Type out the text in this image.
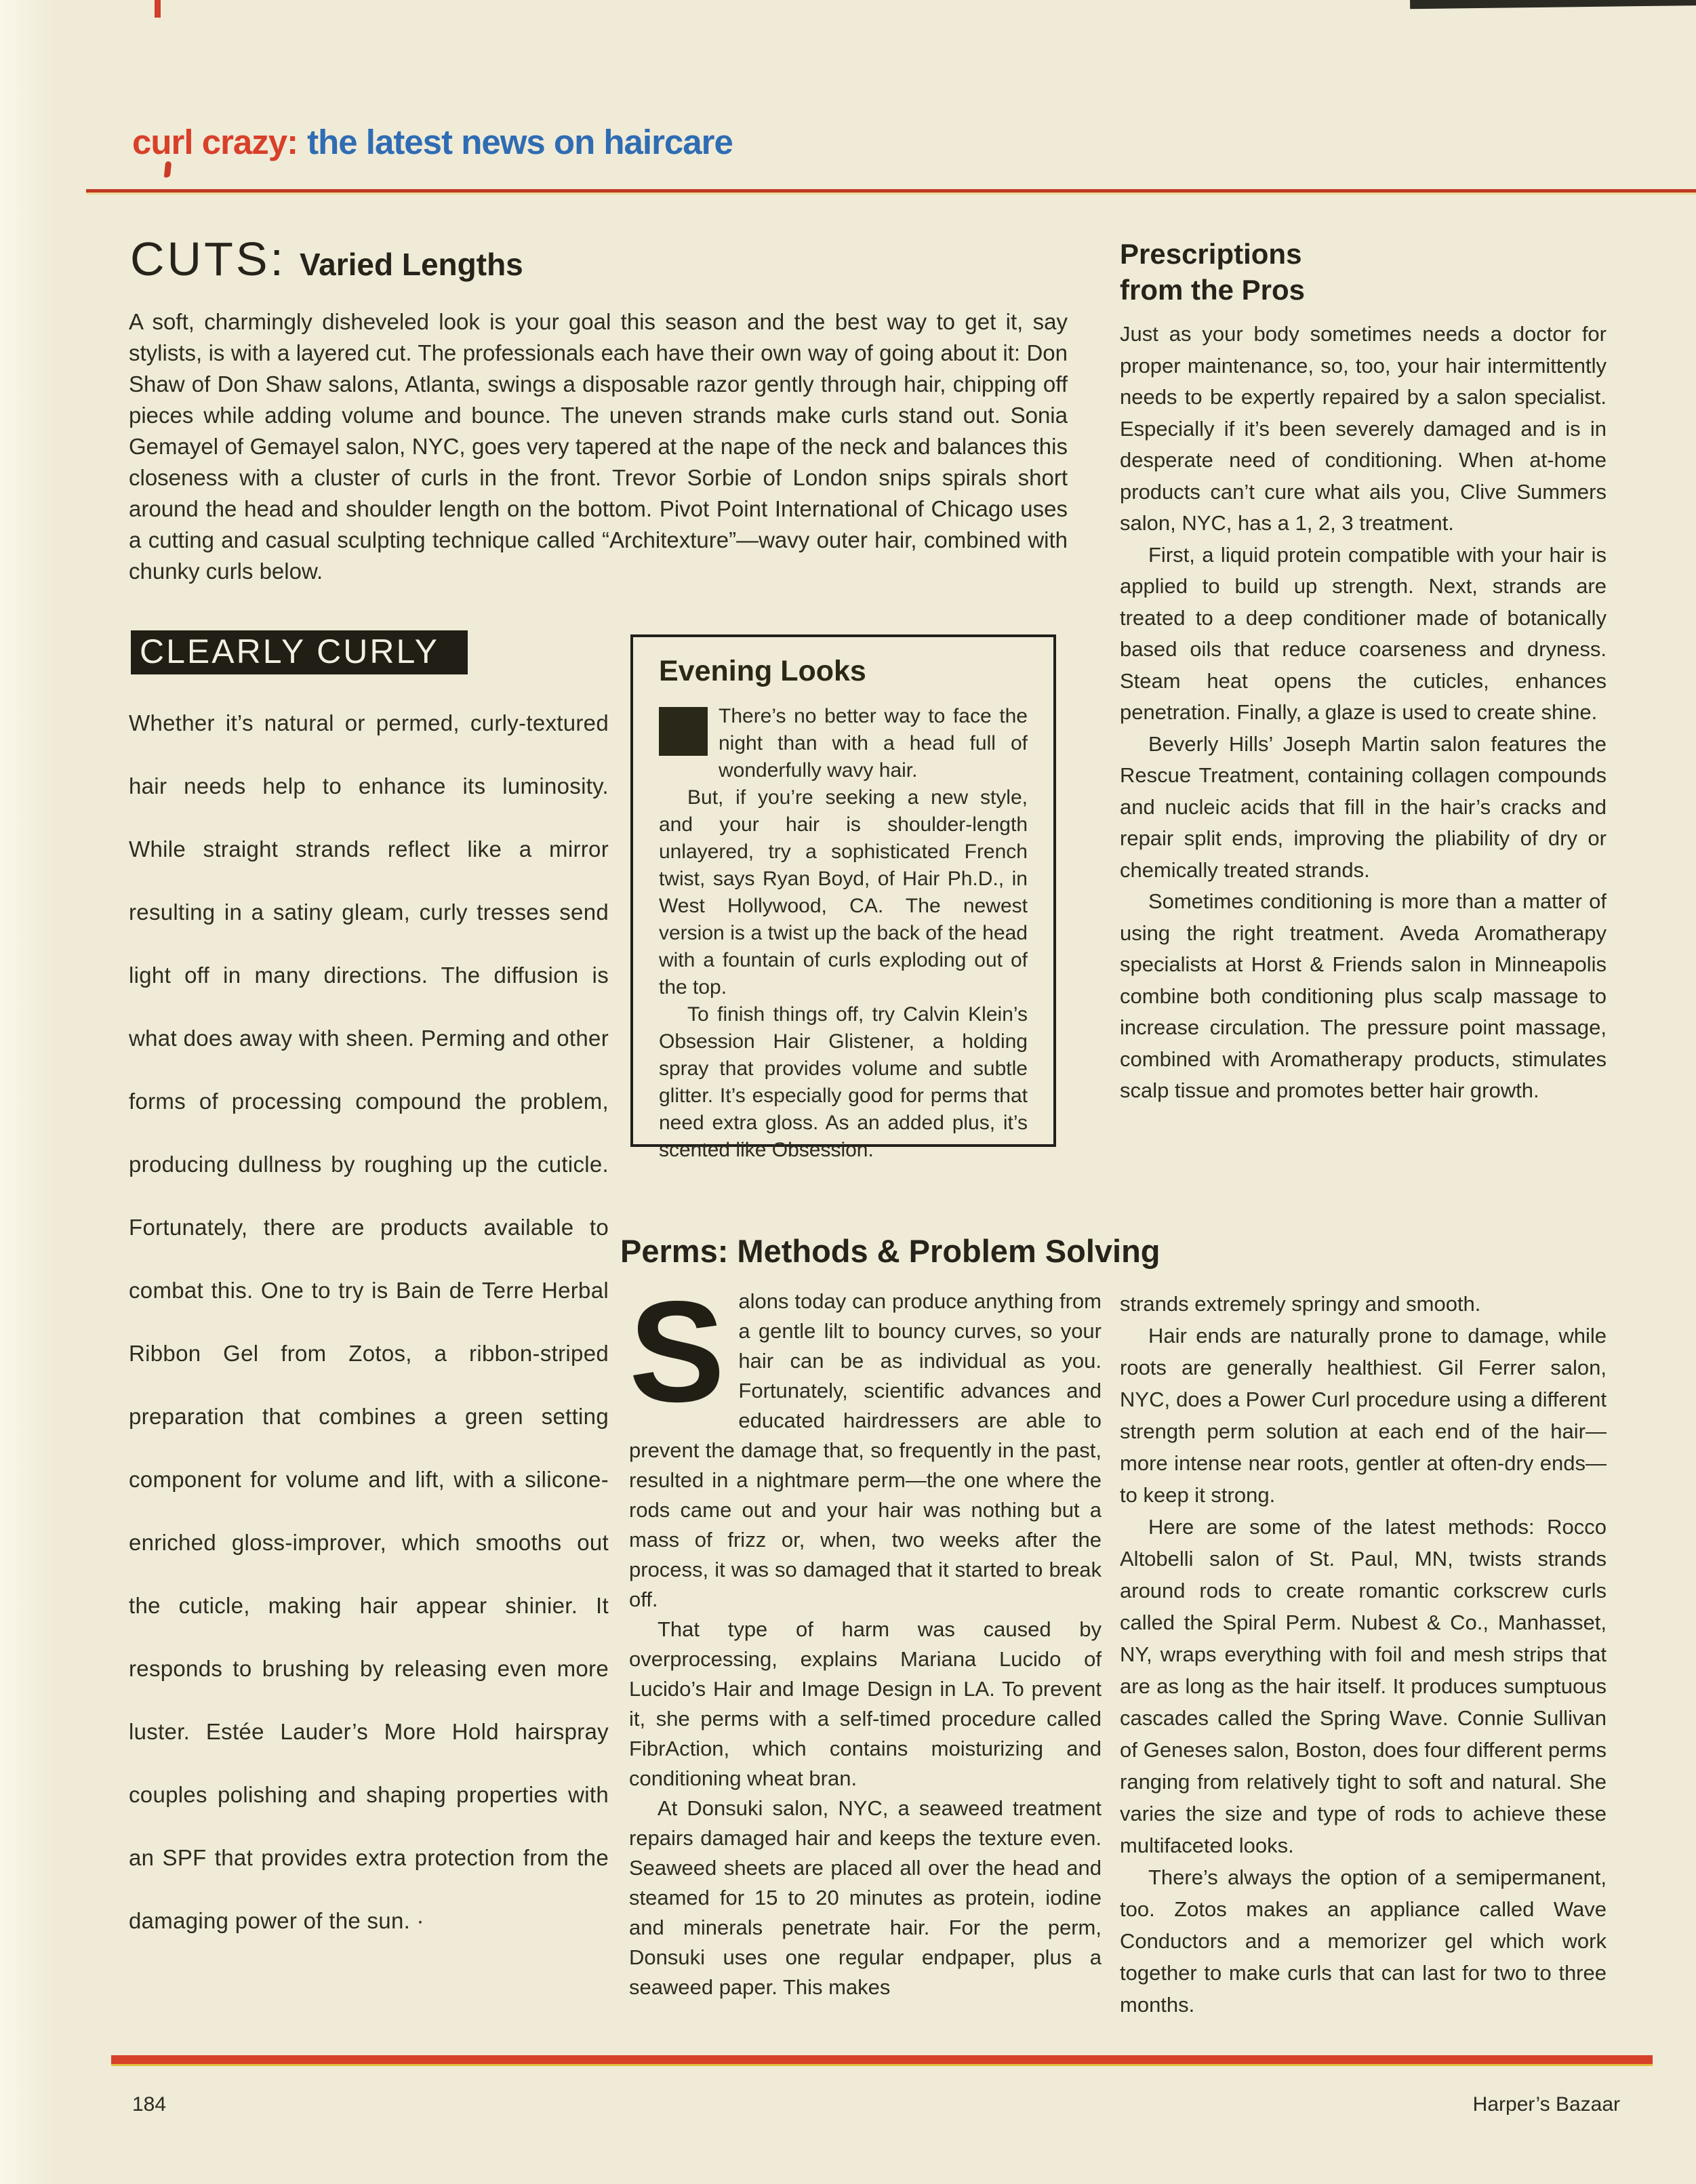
curl crazy: the latest news on haircare
CUTS: Varied Lengths

A soft, charmingly disheveled look is your goal this season and the best way to get it, say stylists, is with a layered cut. The professionals each have their own way of going about it: Don Shaw of Don Shaw salons, Atlanta, swings a disposable razor gently through hair, chipping off pieces while adding volume and bounce. The uneven strands make curls stand out. Sonia Gemayel of Gemayel salon, NYC, goes very tapered at the nape of the neck and balances this closeness with a cluster of curls in the front. Trevor Sorbie of London snips spirals short around the head and shoulder length on the bottom. Pivot Point International of Chicago uses a cutting and casual sculpting technique called “Architexture”—wavy outer hair, combined with chunky curls below.

CLEARLY CURLY

Whether it’s natural or permed, curly-textured hair needs help to enhance its luminosity. While straight strands reflect like a mirror resulting in a satiny gleam, curly tresses send light off in many directions. The diffusion is what does away with sheen. Perming and other forms of processing compound the problem, producing dullness by roughing up the cuticle. Fortunately, there are products available to combat this. One to try is Bain de Terre Herbal Ribbon Gel from Zotos, a ribbon-striped preparation that combines a green setting component for volume and lift, with a silicone-enriched gloss-improver, which smooths out the cuticle, making hair appear shinier. It responds to brushing by releasing even more luster. Estée Lauder’s More Hold hairspray couples polishing and shaping properties with an SPF that provides extra protection from the damaging power of the sun. ·

Evening Looks

There’s no better way to face the night than with a head full of wonderfully wavy hair.

But, if you’re seeking a new style, and your hair is shoulder-length unlayered, try a sophisticated French twist, says Ryan Boyd, of Hair Ph.D., in West Hollywood, CA. The newest version is a twist up the back of the head with a fountain of curls exploding out of the top.

To finish things off, try Calvin Klein’s Obsession Hair Glistener, a holding spray that provides volume and subtle glitter. It’s especially good for perms that need extra gloss. As an added plus, it’s scented like Obsession.

Prescriptions
from the Pros

Just as your body sometimes needs a doctor for proper maintenance, so, too, your hair intermittently needs to be expertly repaired by a salon specialist. Especially if it’s been severely damaged and is in desperate need of conditioning. When at-home products can’t cure what ails you, Clive Summers salon, NYC, has a 1, 2, 3 treatment.

First, a liquid protein compatible with your hair is applied to build up strength. Next, strands are treated to a deep conditioner made of botanically based oils that reduce coarseness and dryness. Steam heat opens the cuticles, enhances penetration. Finally, a glaze is used to create shine.

Beverly Hills’ Joseph Martin salon features the Rescue Treatment, containing collagen compounds and nucleic acids that fill in the hair’s cracks and repair split ends, improving the pliability of dry or chemically treated strands.

Sometimes conditioning is more than a matter of using the right treatment. Aveda Aromatherapy specialists at Horst & Friends salon in Minneapolis combine both conditioning plus scalp massage to increase circulation. The pressure point massage, combined with Aromatherapy products, stimulates scalp tissue and promotes better hair growth.

Perms: Methods & Problem Solving

Salons today can produce anything from a gentle lilt to bouncy curves, so your hair can be as individual as you. Fortunately, scientific advances and educated hairdressers are able to prevent the damage that, so frequently in the past, resulted in a nightmare perm—the one where the rods came out and your hair was nothing but a mass of frizz or, when, two weeks after the process, it was so damaged that it started to break off.

That type of harm was caused by overprocessing, explains Mariana Lucido of Lucido’s Hair and Image Design in LA. To prevent it, she perms with a self-timed procedure called FibrAction, which contains moisturizing and conditioning wheat bran.

At Donsuki salon, NYC, a seaweed treatment repairs damaged hair and keeps the texture even. Seaweed sheets are placed all over the head and steamed for 15 to 20 minutes as protein, iodine and minerals penetrate hair. For the perm, Donsuki uses one regular endpaper, plus a seaweed paper. This makes

strands extremely springy and smooth.

Hair ends are naturally prone to damage, while roots are generally healthiest. Gil Ferrer salon, NYC, does a Power Curl procedure using a different strength perm solution at each end of the hair—more intense near roots, gentler at often-dry ends—to keep it strong.

Here are some of the latest methods: Rocco Altobelli salon of St. Paul, MN, twists strands around rods to create romantic corkscrew curls called the Spiral Perm. Nubest & Co., Manhasset, NY, wraps everything with foil and mesh strips that are as long as the hair itself. It produces sumptuous cascades called the Spring Wave. Connie Sullivan of Geneses salon, Boston, does four different perms ranging from relatively tight to soft and natural. She varies the size and type of rods to achieve these multifaceted looks.

There’s always the option of a semipermanent, too. Zotos makes an appliance called Wave Conductors and a memorizer gel which work together to make curls that can last for two to three months.

184	Harper’s Bazaar
